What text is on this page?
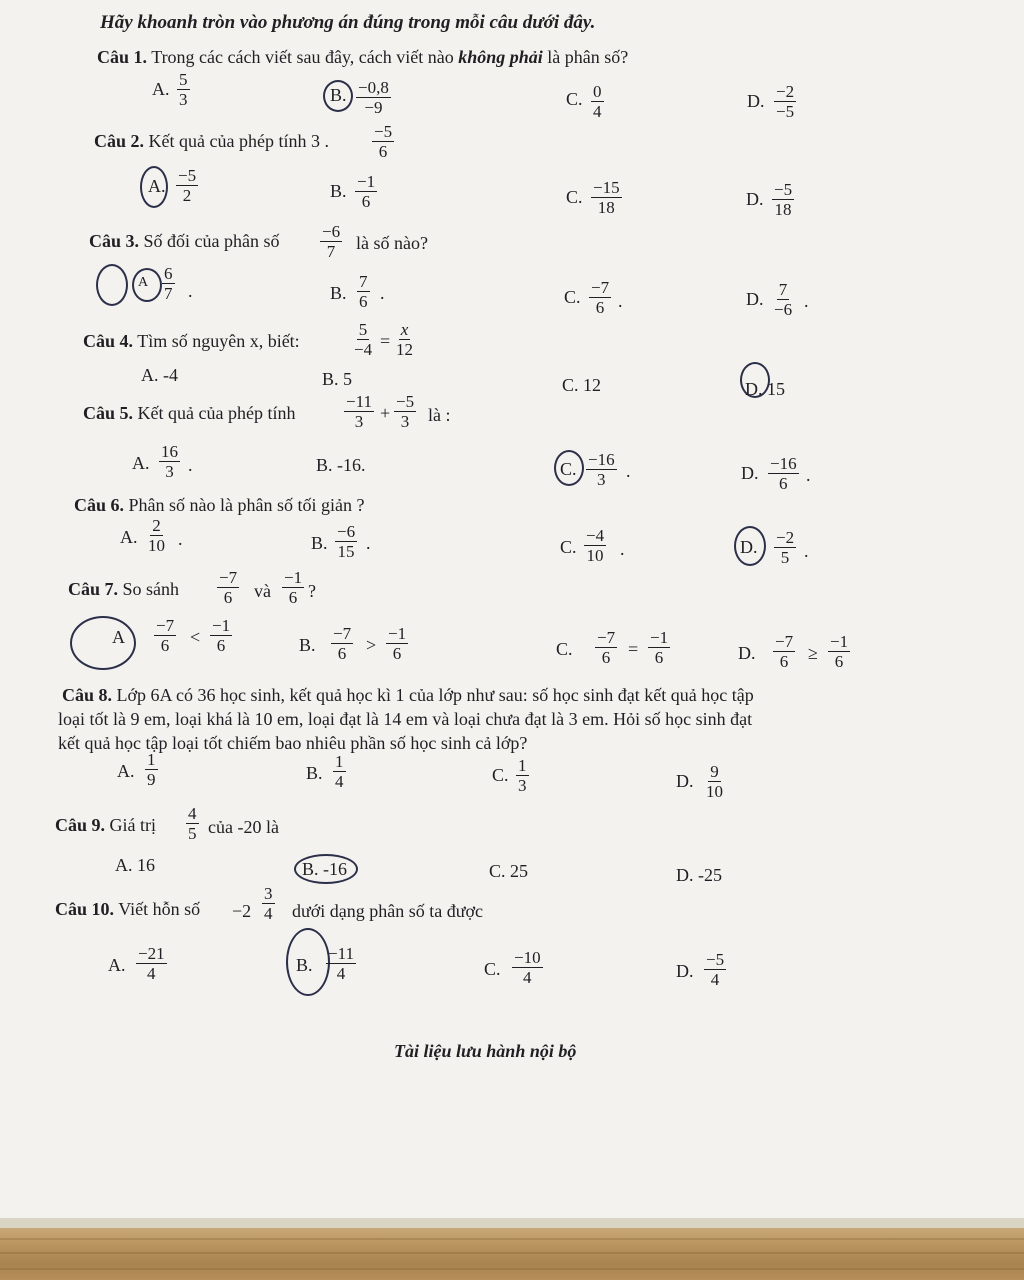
Hãy khoanh tròn vào phương án đúng trong mỗi câu dưới đây.
Câu 1. Trong các cách viết sau đây, cách viết nào không phải là phân số?
A. $\frac{5}{3}$	B. $\frac{-0,8}{-9}$	C. $\frac{0}{4}$	D. $\frac{-2}{-5}$
Câu 2. Kết quả của phép tính 3 .	$\frac{-5}{6}$
A. $\frac{-5}{2}$	B. $\frac{-1}{6}$	C. $\frac{-15}{18}$	D. $\frac{-5}{18}$
Câu 3. Số đối của phân số $\frac{-6}{7}$ là số nào?
A $\frac{6}{7}$ .	B. $\frac{7}{6}$ .	C. $\frac{-7}{6}$ .	D. $\frac{7}{-6}$ .
Câu 4. Tìm số nguyên x, biết:	$\frac{5}{-4} = \frac{x}{12}$
A. -4	B. 5	C. 12	D. 15
Câu 5. Kết quả của phép tính	$\frac{-11}{3} + \frac{-5}{3}$ là :
A. $\frac{16}{3}$ .	B. -16.	C. $\frac{-16}{3}$ .	D. $\frac{-16}{6}$ .
Câu 6. Phân số nào là phân số tối giản ?
A. $\frac{2}{10}$ .	B. $\frac{-6}{15}$ .	C. $\frac{-4}{10}$ .	D. $\frac{-2}{5}$ .
Câu 7. So sánh $\frac{-7}{6}$ và $\frac{-1}{6}$ ?
A $\frac{-7}{6} < \frac{-1}{6}$	B. $\frac{-7}{6} > \frac{-1}{6}$	C. $\frac{-7}{6} = \frac{-1}{6}$	D. $\frac{-7}{6} \ge \frac{-1}{6}$
Câu 8. Lớp 6A có 36 học sinh, kết quả học kì 1 của lớp như sau: số học sinh đạt kết quả học tập
loại tốt là 9 em, loại khá là 10 em, loại đạt là 14 em và loại chưa đạt là 3 em. Hỏi số học sinh đạt
kết quả học tập loại tốt chiếm bao nhiêu phần số học sinh cả lớp?
A. $\frac{1}{9}$	B. $\frac{1}{4}$	C. $\frac{1}{3}$	D. $\frac{9}{10}$
Câu 9. Giá trị $\frac{4}{5}$ của -20 là
A. 16	B. -16	C. 25	D. -25
Câu 10. Viết hỗn số $-2 \frac{3}{4}$ dưới dạng phân số ta được
A. $\frac{-21}{4}$	B. $\frac{-11}{4}$	C. $\frac{-10}{4}$	D. $\frac{-5}{4}$
Tài liệu lưu hành nội bộ
